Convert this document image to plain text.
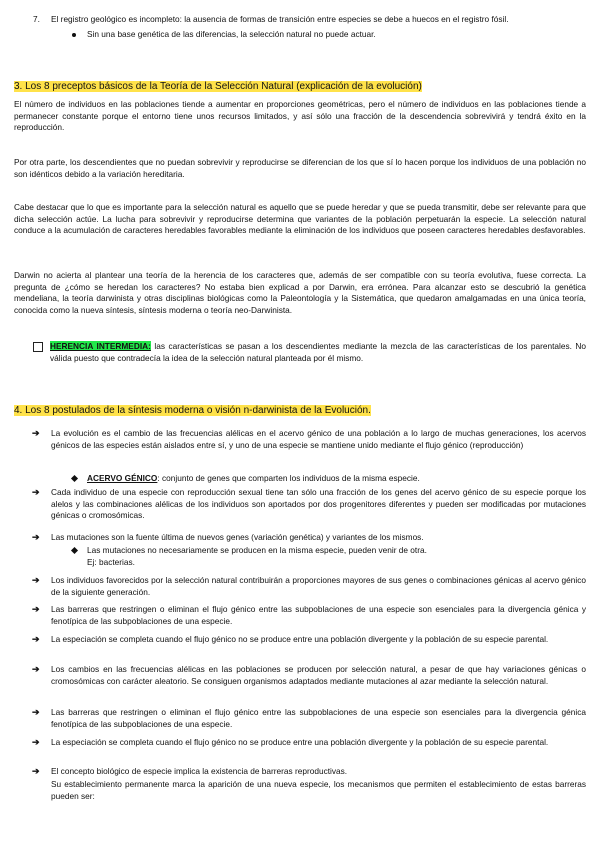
7. El registro geológico es incompleto: la ausencia de formas de transición entre especies se debe a huecos en el registro fósil.

Sin una base genética de las diferencias, la selección natural no puede actuar.

3. Los 8 preceptos básicos de la Teoría de la Selección Natural (explicación de la evolución)

El número de individuos en las poblaciones tiende a aumentar en proporciones geométricas, pero el número de individuos en las poblaciones tiende a permanecer constante porque el entorno tiene unos recursos limitados, y así sólo una fracción de la descendencia sobrevivirá y tendrá éxito en la reproducción.

Por otra parte, los descendientes que no puedan sobrevivir y reproducirse se diferencian de los que sí lo hacen porque los individuos de una población no son idénticos debido a la variación hereditaria.

Cabe destacar que lo que es importante para la selección natural es aquello que se puede heredar y que se pueda transmitir, debe ser relevante para que dicha selección actúe. La lucha para sobrevivir y reproducirse determina que variantes de la población perpetuarán la especie. La selección natural conduce a la acumulación de caracteres heredables favorables mediante la eliminación de los individuos que poseen caracteres heredables desfavorables.

Darwin no acierta al plantear una teoría de la herencia de los caracteres que, además de ser compatible con su teoría evolutiva, fuese correcta. La pregunta de ¿cómo se heredan los caracteres? No estaba bien explicad a por Darwin, era errónea. Para alcanzar esto se descubrió la genética mendeliana, la teoría darwinista y otras disciplinas biológicas como la Paleontología y la Sistemática, que quedaron amalgamadas en una única teoría, conocida como la nueva síntesis, síntesis moderna o teoría neo-Darwinista.

HERENCIA INTERMEDIA: las características se pasan a los descendientes mediante la mezcla de las características de los parentales. No válida puesto que contradecía la idea de la selección natural planteada por él mismo.

4. Los 8 postulados de la síntesis moderna o visión n-darwinista de la Evolución.
➔ La evolución es el cambio de las frecuencias alélicas en el acervo génico de una población a lo largo de muchas generaciones, los acervos génicos de las especies están aislados entre sí, y uno de una especie se mantiene unido mediante el flujo génico (reproducción)

ACERVO GÉNICO: conjunto de genes que comparten los individuos de la misma especie.

➔ Cada individuo de una especie con reproducción sexual tiene tan sólo una fracción de los genes del acervo génico de su especie porque los alelos y las combinaciones alélicas de los individuos son aportados por dos progenitores diferentes y pueden ser modificadas por mutaciones génicas o cromosómicas.

➔ Las mutaciones son la fuente última de nuevos genes (variación genética) y variantes de los mismos.

Las mutaciones no necesariamente se producen en la misma especie, pueden venir de otra.

Ej: bacterias.

➔ Los individuos favorecidos por la selección natural contribuirán a proporciones mayores de sus genes o combinaciones génicas al acervo génico de la siguiente generación.

➔ Las barreras que restringen o eliminan el flujo génico entre las subpoblaciones de una especie son esenciales para la divergencia génica y fenotípica de las subpoblaciones de una especie.

➔ La especiación se completa cuando el flujo génico no se produce entre una población divergente y la población de su especie parental.

➔ Los cambios en las frecuencias alélicas en las poblaciones se producen por selección natural, a pesar de que hay variaciones génicas o cromosómicas con carácter aleatorio. Se consiguen organismos adaptados mediante mutaciones al azar mediante la selección natural.

➔ Las barreras que restringen o eliminan el flujo génico entre las subpoblaciones de una especie son esenciales para la divergencia génica fenotípica de las subpoblaciones de una especie.

➔ La especiación se completa cuando el flujo génico no se produce entre una población divergente y la población de su especie parental.

➔ El concepto biológico de especie implica la existencia de barreras reproductivas.

Su establecimiento permanente marca la aparición de una nueva especie, los mecanismos que permiten el establecimiento de estas barreras pueden ser:
